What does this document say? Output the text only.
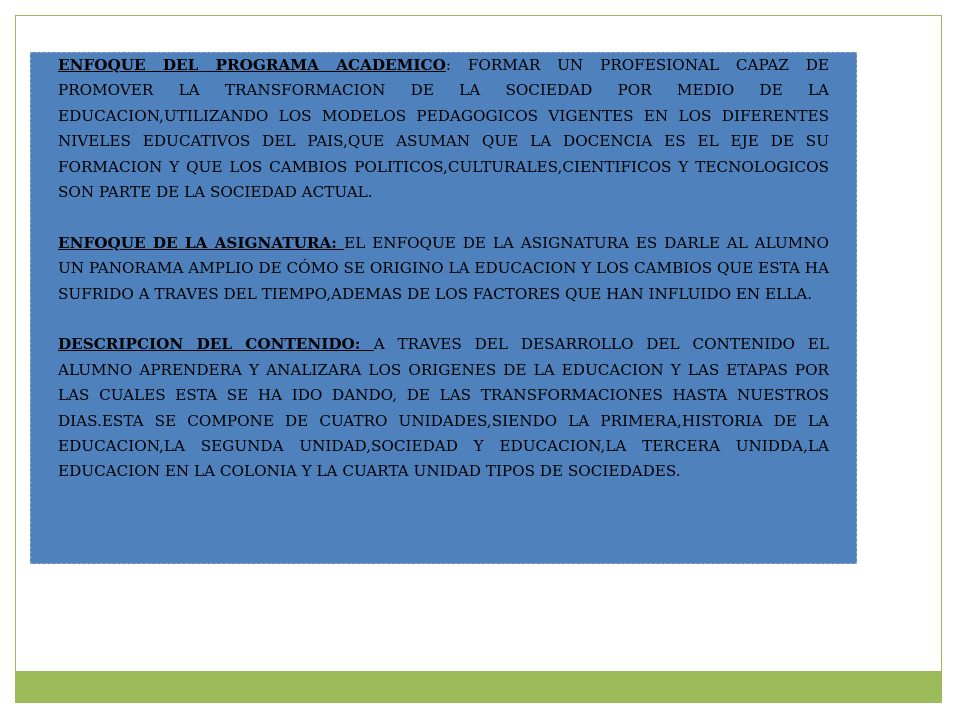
ENFOQUE DEL PROGRAMA ACADEMICO: FORMAR UN PROFESIONAL CAPAZ DE PROMOVER LA TRANSFORMACION DE LA SOCIEDAD POR MEDIO DE LA EDUCACION,UTILIZANDO LOS MODELOS PEDAGOGICOS VIGENTES EN LOS DIFERENTES NIVELES EDUCATIVOS DEL PAIS,QUE ASUMAN QUE LA DOCENCIA ES EL EJE DE SU FORMACION Y QUE LOS CAMBIOS POLITICOS,CULTURALES,CIENTIFICOS Y TECNOLOGICOS SON PARTE DE LA SOCIEDAD ACTUAL.

ENFOQUE DE LA ASIGNATURA: EL ENFOQUE DE LA ASIGNATURA ES DARLE AL ALUMNO UN PANORAMA AMPLIO DE CÓMO SE ORIGINO LA EDUCACION Y LOS CAMBIOS QUE ESTA HA SUFRIDO A TRAVES DEL TIEMPO,ADEMAS DE LOS FACTORES QUE HAN INFLUIDO EN ELLA.

DESCRIPCION DEL CONTENIDO: A TRAVES DEL DESARROLLO DEL CONTENIDO EL ALUMNO APRENDERA Y ANALIZARA LOS ORIGENES DE LA EDUCACION Y LAS ETAPAS POR LAS CUALES ESTA SE HA IDO DANDO, DE LAS TRANSFORMACIONES HASTA NUESTROS DIAS.ESTA SE COMPONE DE CUATRO UNIDADES,SIENDO LA PRIMERA,HISTORIA DE LA EDUCACION,LA SEGUNDA UNIDAD,SOCIEDAD Y EDUCACION,LA TERCERA UNIDDA,LA EDUCACION EN LA COLONIA Y LA CUARTA UNIDAD TIPOS DE SOCIEDADES.
